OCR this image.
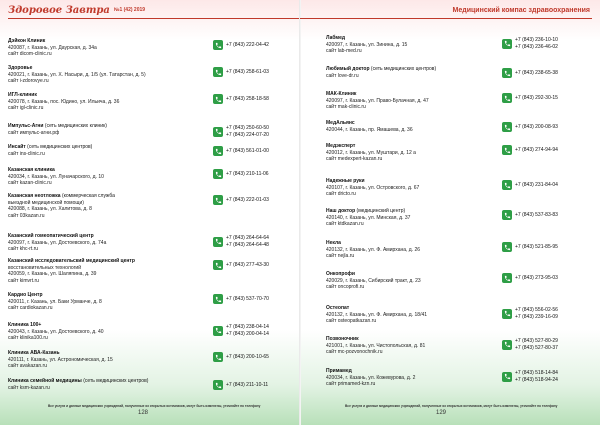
Здоровое Завтра №1 (42) 2019
Дэйкон Клиник
420087, г. Казань, ул. Даурская, д. 34а
сайт dicom-clinic.ru
+7 (843) 222-04-42
Здоровье
420021, г. Казань, ул. Х. Насыри, д. 1/5 (ул. Татарстан, д. 5)
сайт i-zdorovye.ru
+7 (843) 258-61-03
ИГЛ-клиник
420078, г. Казань, пос. Юдино, ул. Ильича, д. 36
сайт igl-clinic.ru
+7 (843) 258-18-58
Импульс-Агни (сеть медицинских клиник)
сайт импульс-агни.рф
+7 (843) 250-60-50
+7 (843) 224-07-20
Инсайт (сеть медицинских центров)
сайт ins-clinic.ru	+7 (843) 561-01-00
Казанская клиника
420034, г. Казань, ул. Луначарского, д. 10
сайт kazan-clinic.ru
+7 (843) 210-11-06
Казанская неотложка (коммерческая служба
выездной медицинской помощи)
420088, г. Казань, ул. Халитова, д. 8
сайт 03kazan.ru
+7 (843) 222-01-03
Казанский гомеопатический центр
420097, г. Казань, ул. Достоевского, д. 74а
сайт khc-rt.ru
+7 (843) 264-64-64
+7 (843) 264-64-48
Казанский исследовательский медицинский центр
восстановительных технологий
420059, г. Казань, ул. Шаляпина, д. 39
сайт kimvrt.ru
+7 (843) 277-43-30
Кардио Центр
420011, г. Казань, ул. Баки Урманче, д. 8
сайт cardiokazan.ru
+7 (843) 537-70-70
Клиника 100+
420043, г. Казань, ул. Достоевского, д. 40
сайт klinika100.ru
+7 (843) 238-04-14
+7 (843) 200-04-14
Клиника АВА-Казань
420111, г. Казань, ул. Астрономическая, д. 15
сайт avakazan.ru
+7 (843) 200-10-65
Клиника семейной медицины (сеть медицинских центров)
сайт ksm-kazan.ru	+7 (843) 211-10-11
Все услуги и данные медицинских учреждений, полученные из открытых источников, могут быть изменены, уточняйте по телефону
128
Медицинский компас здравоохранения
Лабмед
420097, г. Казань, ул. Зинина, д. 15
сайт lab-med.ru
+7 (843) 236-10-10
+7 (843) 236-46-02
Любимый доктор (сеть медицинских центров)
сайт love-dr.ru	+7 (843) 238-65-38
МАК-Клиник
420097, г. Казань, ул. Право-Булачная, д. 47
сайт mak-clinic.ru
+7 (843) 292-30-15
МедАльянс
420044, г. Казань, пр. Ямашева, д. 36	+7 (843) 200-08-93
Медэксперт
420012, г. Казань, ул. Муштари, д. 12 а
сайт medexpert-kazan.ru
+7 (843) 274-94-94
Надежные руки
420107, г. Казань, ул. Островского, д. 67
сайт dricto.ru
+7 (843) 231-84-04
Наш доктор (медицинский центр)
420140, г. Казань, ул. Минская, д. 37
сайт ktdkazan.ru
+7 (843) 537-83-83
Некла
420132, г. Казань, ул. Ф. Амирхана, д. 26
сайт nejla.ru
+7 (843) 521-85-95
Онкопрофи
420029, г. Казань, Сибирский тракт, д. 23
сайт oncoprofi.ru
+7 (843) 273-95-03
Остеопат
420132, г. Казань, ул. Ф. Амирхана, д. 18/41
сайт osteopatkazan.ru
+7 (843) 556-02-56
+7 (843) 239-16-09
Позвоночник
421001, г. Казань, ул. Чистопольская, д. 81
сайт mc-pozvonochnik.ru
+7 (843) 527-80-29
+7 (843) 527-80-37
Примамед
420034, г. Казань, ул. Кожевурова, д. 2
сайт primamed-kzn.ru
+7 (843) 518-14-84
+7 (843) 518-94-24
Все услуги и данные медицинских учреждений, полученные из открытых источников, могут быть изменены, уточняйте по телефону
129
